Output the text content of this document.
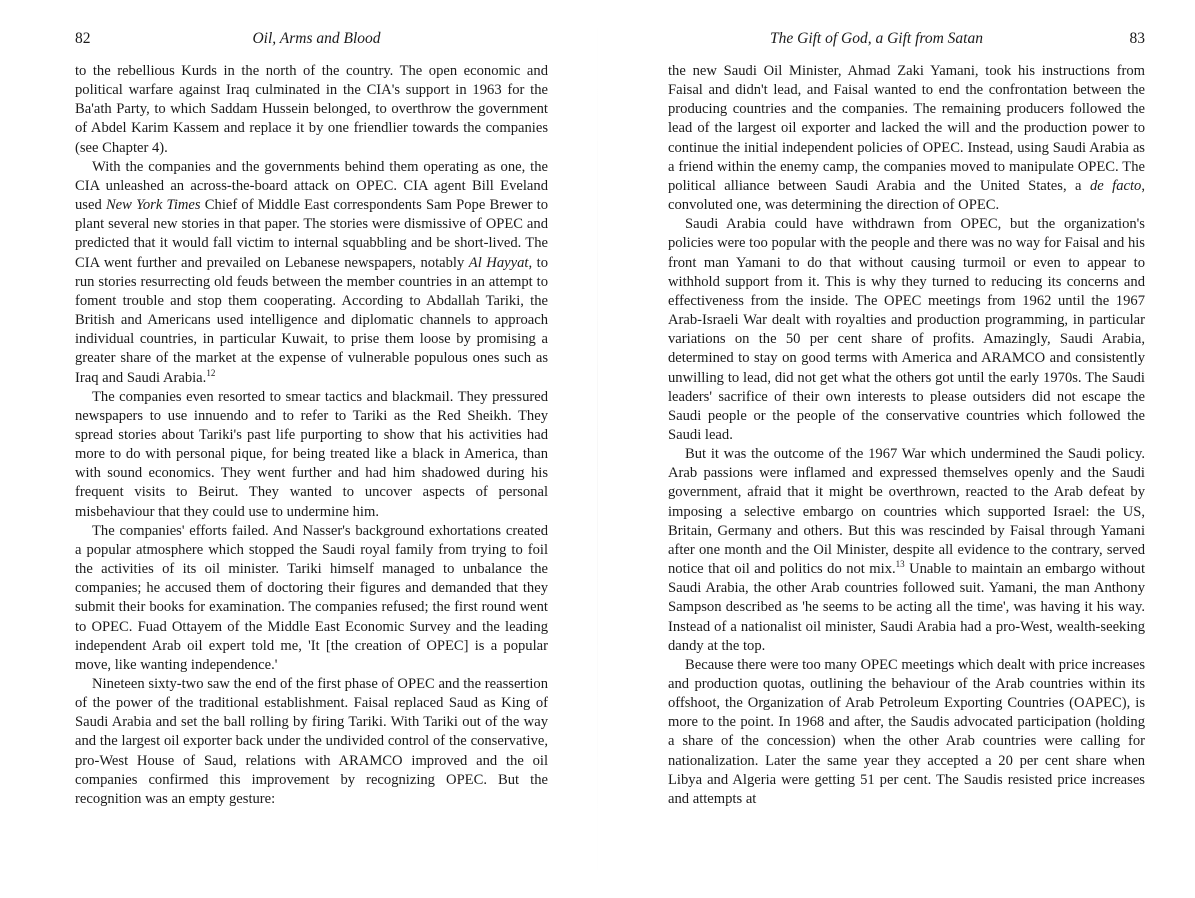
82	Oil, Arms and Blood

to the rebellious Kurds in the north of the country. The open economic and political warfare against Iraq culminated in the CIA's support in 1963 for the Ba'ath Party, to which Saddam Hussein belonged, to overthrow the government of Abdel Karim Kassem and replace it by one friendlier towards the companies (see Chapter 4).

With the companies and the governments behind them operating as one, the CIA unleashed an across-the-board attack on OPEC. CIA agent Bill Eveland used New York Times Chief of Middle East correspondents Sam Pope Brewer to plant several new stories in that paper. The stories were dismissive of OPEC and predicted that it would fall victim to internal squabbling and be short-lived. The CIA went further and prevailed on Lebanese newspapers, notably Al Hayyat, to run stories resurrecting old feuds between the member countries in an attempt to foment trouble and stop them cooperating. According to Abdallah Tariki, the British and Americans used intelligence and diplomatic channels to approach individual countries, in particular Kuwait, to prise them loose by promising a greater share of the market at the expense of vulnerable populous ones such as Iraq and Saudi Arabia.$^{12}$

The companies even resorted to smear tactics and blackmail. They pressured newspapers to use innuendo and to refer to Tariki as the Red Sheikh. They spread stories about Tariki's past life purporting to show that his activities had more to do with personal pique, for being treated like a black in America, than with sound economics. They went further and had him shadowed during his frequent visits to Beirut. They wanted to uncover aspects of personal misbehaviour that they could use to undermine him.

The companies' efforts failed. And Nasser's background exhortations created a popular atmosphere which stopped the Saudi royal family from trying to foil the activities of its oil minister. Tariki himself managed to unbalance the companies; he accused them of doctoring their figures and demanded that they submit their books for examination. The companies refused; the first round went to OPEC. Fuad Ottayem of the Middle East Economic Survey and the leading independent Arab oil expert told me, 'It [the creation of OPEC] is a popular move, like wanting independence.'

Nineteen sixty-two saw the end of the first phase of OPEC and the reassertion of the power of the traditional establishment. Faisal replaced Saud as King of Saudi Arabia and set the ball rolling by firing Tariki. With Tariki out of the way and the largest oil exporter back under the undivided control of the conservative, pro-West House of Saud, relations with ARAMCO improved and the oil companies confirmed this improvement by recognizing OPEC. But the recognition was an empty gesture:

The Gift of God, a Gift from Satan	83

the new Saudi Oil Minister, Ahmad Zaki Yamani, took his instructions from Faisal and didn't lead, and Faisal wanted to end the confrontation between the producing countries and the companies. The remaining producers followed the lead of the largest oil exporter and lacked the will and the production power to continue the initial independent policies of OPEC. Instead, using Saudi Arabia as a friend within the enemy camp, the companies moved to manipulate OPEC. The political alliance between Saudi Arabia and the United States, a de facto, convoluted one, was determining the direction of OPEC.

Saudi Arabia could have withdrawn from OPEC, but the organization's policies were too popular with the people and there was no way for Faisal and his front man Yamani to do that without causing turmoil or even to appear to withhold support from it. This is why they turned to reducing its concerns and effectiveness from the inside. The OPEC meetings from 1962 until the 1967 Arab-Israeli War dealt with royalties and production programming, in particular variations on the 50 per cent share of profits. Amazingly, Saudi Arabia, determined to stay on good terms with America and ARAMCO and consistently unwilling to lead, did not get what the others got until the early 1970s. The Saudi leaders' sacrifice of their own interests to please outsiders did not escape the Saudi people or the people of the conservative countries which followed the Saudi lead.

But it was the outcome of the 1967 War which undermined the Saudi policy. Arab passions were inflamed and expressed themselves openly and the Saudi government, afraid that it might be overthrown, reacted to the Arab defeat by imposing a selective embargo on countries which supported Israel: the US, Britain, Germany and others. But this was rescinded by Faisal through Yamani after one month and the Oil Minister, despite all evidence to the contrary, served notice that oil and politics do not mix.$^{13}$ Unable to maintain an embargo without Saudi Arabia, the other Arab countries followed suit. Yamani, the man Anthony Sampson described as 'he seems to be acting all the time', was having it his way. Instead of a nationalist oil minister, Saudi Arabia had a pro-West, wealth-seeking dandy at the top.

Because there were too many OPEC meetings which dealt with price increases and production quotas, outlining the behaviour of the Arab countries within its offshoot, the Organization of Arab Petroleum Exporting Countries (OAPEC), is more to the point. In 1968 and after, the Saudis advocated participation (holding a share of the concession) when the other Arab countries were calling for nationalization. Later the same year they accepted a 20 per cent share when Libya and Algeria were getting 51 per cent. The Saudis resisted price increases and attempts at
